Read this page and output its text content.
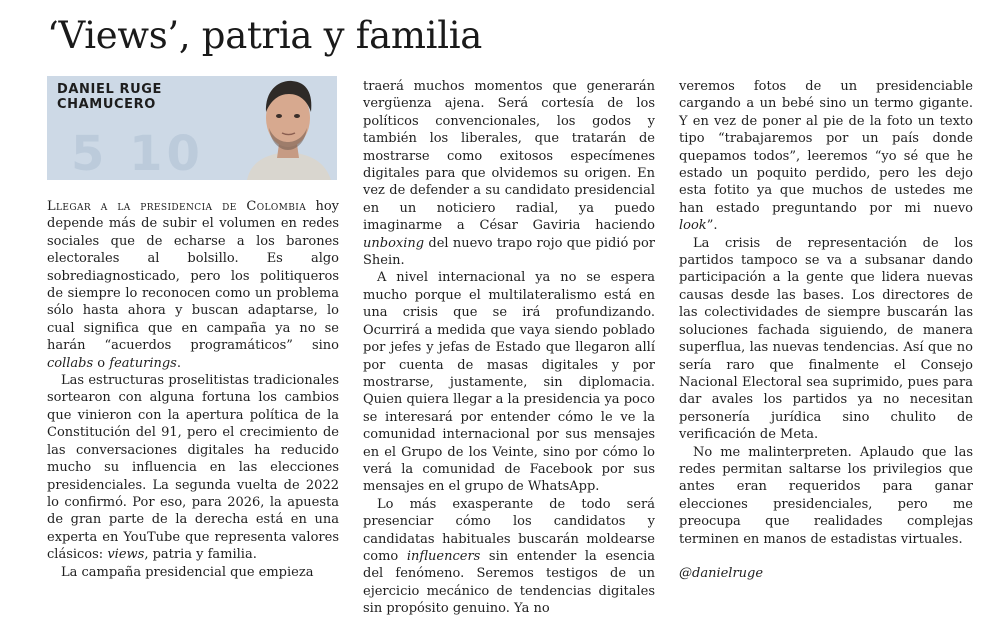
‘Views’, patria y familia
5 10
DANIEL RUGE
CHAMUCERO

Llegar a la presidencia de Colombia hoy depende más de subir el volumen en redes sociales que de echarse a los barones electorales al bolsillo. Es algo sobrediagnosticado, pero los politiqueros de siempre lo reconocen como un problema sólo hasta ahora y buscan adaptarse, lo cual significa que en campaña ya no se harán “acuerdos programáticos” sino collabs o featurings.

Las estructuras proselitistas tradicionales sortearon con alguna fortuna los cambios que vinieron con la apertura política de la Constitución del 91, pero el crecimiento de las conversaciones digitales ha reducido mucho su influencia en las elecciones presidenciales. La segunda vuelta de 2022 lo confirmó. Por eso, para 2026, la apuesta de gran parte de la derecha está en una experta en YouTube que representa valores clásicos: views, patria y familia.

La campaña presidencial que empieza

traerá muchos momentos que generarán vergüenza ajena. Será cortesía de los políticos convencionales, los godos y también los liberales, que tratarán de mostrarse como exitosos especímenes digitales para que olvidemos su origen. En vez de defender a su candidato presidencial en un noticiero radial, ya puedo imaginarme a César Gaviria haciendo unboxing del nuevo trapo rojo que pidió por Shein.

A nivel internacional ya no se espera mucho porque el multilateralismo está en una crisis que se irá profundizando. Ocurrirá a medida que vaya siendo poblado por jefes y jefas de Estado que llegaron allí por cuenta de masas digitales y por mostrarse, justamente, sin diplomacia. Quien quiera llegar a la presidencia ya poco se interesará por entender cómo le ve la comunidad internacional por sus mensajes en el Grupo de los Veinte, sino por cómo lo verá la comunidad de Facebook por sus mensajes en el grupo de WhatsApp.

Lo más exasperante de todo será presenciar cómo los candidatos y candidatas habituales buscarán moldearse como influencers sin entender la esencia del fenómeno. Seremos testigos de un ejercicio mecánico de tendencias digitales sin propósito genuino. Ya no

veremos fotos de un presidenciable cargando a un bebé sino un termo gigante. Y en vez de poner al pie de la foto un texto tipo “trabajaremos por un país donde quepamos todos”, leeremos “yo sé que he estado un poquito perdido, pero les dejo esta fotito ya que muchos de ustedes me han estado preguntando por mi nuevo look”.

La crisis de representación de los partidos tampoco se va a subsanar dando participación a la gente que lidera nuevas causas desde las bases. Los directores de las colectividades de siempre buscarán las soluciones fachada siguiendo, de manera superflua, las nuevas tendencias. Así que no sería raro que finalmente el Consejo Nacional Electoral sea suprimido, pues para dar avales los partidos ya no necesitan personería jurídica sino chulito de verificación de Meta.

No me malinterpreten. Aplaudo que las redes permitan saltarse los privilegios que antes eran requeridos para ganar elecciones presidenciales, pero me preocupa que realidades complejas terminen en manos de estadistas virtuales.

@danielruge
